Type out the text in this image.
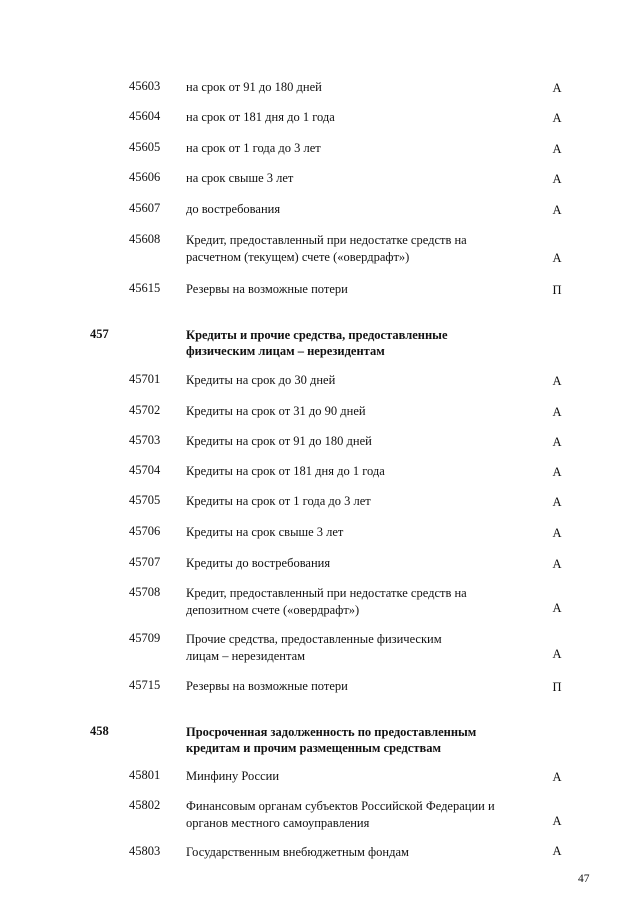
45603 на срок от 91 до 180 дней	А
45604 на срок от 181 дня до 1 года	А
45605 на срок от 1 года до 3 лет	А
45606 на срок свыше 3 лет	А
45607 до востребования	А
45608 Кредит, предоставленный при недостатке средств на расчетном (текущем) счете («овердрафт»)	А
45615 Резервы на возможные потери	П
457	Кредиты и прочие средства, предоставленные физическим лицам – нерезидентам
45701 Кредиты на срок до 30 дней	А
45702 Кредиты на срок от 31 до 90 дней	А
45703 Кредиты на срок от 91 до 180 дней	А
45704 Кредиты на срок от 181 дня до 1 года	А
45705 Кредиты на срок от 1 года до 3 лет	А
45706 Кредиты на срок свыше 3 лет	А
45707 Кредиты до востребования	А
45708 Кредит, предоставленный при недостатке средств на депозитном счете («овердрафт»)	А
45709 Прочие средства, предоставленные физическим лицам – нерезидентам	А
45715 Резервы на возможные потери	П
458	Просроченная задолженность по предоставленным кредитам и прочим размещенным средствам
45801 Минфину России	А
45802 Финансовым органам субъектов Российской Федерации и органов местного самоуправления	А
45803 Государственным внебюджетным фондам	А
47
